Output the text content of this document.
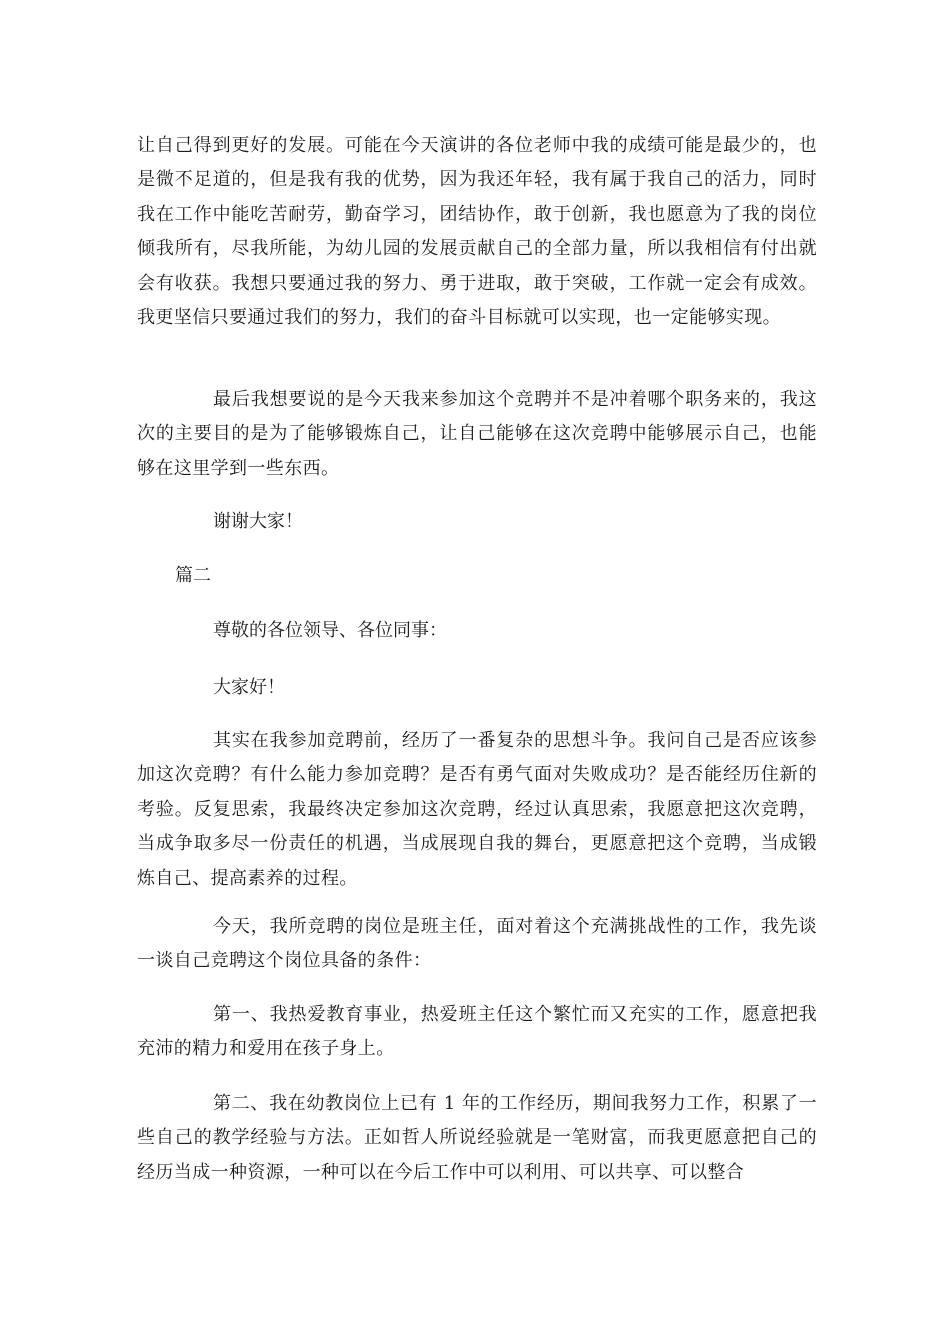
让自己得到更好的发展。可能在今天演讲的各位老师中我的成绩可能是最少的，也是微不足道的，但是我有我的优势，因为我还年轻，我有属于我自己的活力，同时我在工作中能吃苦耐劳，勤奋学习，团结协作，敢于创新，我也愿意为了我的岗位倾我所有，尽我所能，为幼儿园的发展贡献自己的全部力量，所以我相信有付出就会有收获。我想只要通过我的努力、勇于进取，敢于突破，工作就一定会有成效。我更坚信只要通过我们的努力，我们的奋斗目标就可以实现，也一定能够实现。

最后我想要说的是今天我来参加这个竞聘并不是冲着哪个职务来的，我这次的主要目的是为了能够锻炼自己，让自己能够在这次竞聘中能够展示自己，也能够在这里学到一些东西。

谢谢大家！

篇二

尊敬的各位领导、各位同事：

大家好！

其实在我参加竞聘前，经历了一番复杂的思想斗争。我问自己是否应该参加这次竞聘？有什么能力参加竞聘？是否有勇气面对失败成功？是否能经历住新的考验。反复思索，我最终决定参加这次竞聘，经过认真思索，我愿意把这次竞聘，当成争取多尽一份责任的机遇，当成展现自我的舞台，更愿意把这个竞聘，当成锻炼自己、提高素养的过程。

今天，我所竞聘的岗位是班主任，面对着这个充满挑战性的工作，我先谈一谈自己竞聘这个岗位具备的条件：

第一、我热爱教育事业，热爱班主任这个繁忙而又充实的工作，愿意把我充沛的精力和爱用在孩子身上。

第二、我在幼教岗位上已有 1 年的工作经历，期间我努力工作，积累了一些自己的教学经验与方法。正如哲人所说经验就是一笔财富，而我更愿意把自己的经历当成一种资源，一种可以在今后工作中可以利用、可以共享、可以整合
